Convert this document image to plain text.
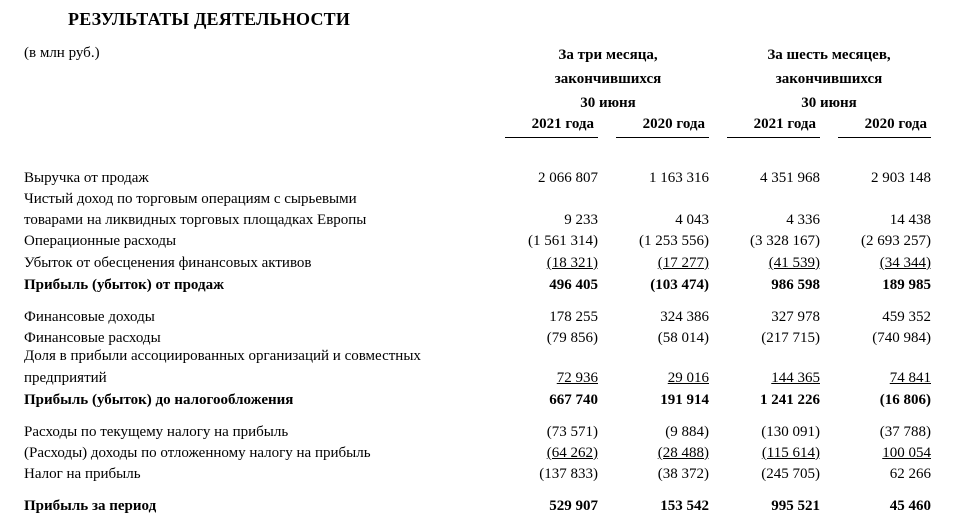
РЕЗУЛЬТАТЫ ДЕЯТЕЛЬНОСТИ
(в млн руб.)	За три месяца,
закончившихся
30 июня
За шесть месяцев,
закончившихся
30 июня
2021 года	2020 года	2021 года	2020 года
Выручка от продаж	2 066 807	1 163 316	4 351 968	2 903 148
Чистый доход по торговым операциям с сырьевыми
товарами на ликвидных торговых площадках Европы	9 233	4 043	4 336	14 438
Операционные расходы	(1 561 314)	(1 253 556)	(3 328 167)	(2 693 257)
Убыток от обесценения финансовых активов	(18 321)	(17 277)	(41 539)	(34 344)
Прибыль (убыток) от продаж	496 405	(103 474)	986 598	189 985
Финансовые доходы	178 255	324 386	327 978	459 352
Финансовые расходы	(79 856)	(58 014)	(217 715)	(740 984)
Доля в прибыли ассоциированных организаций и совместных
предприятий	72 936	29 016	144 365	74 841
Прибыль (убыток) до налогообложения	667 740	191 914	1 241 226	(16 806)
Расходы по текущему налогу на прибыль	(73 571)	(9 884)	(130 091)	(37 788)
(Расходы) доходы по отложенному налогу на прибыль	(64 262)	(28 488)	(115 614)	100 054
Налог на прибыль	(137 833)	(38 372)	(245 705)	62 266
Прибыль за период	529 907	153 542	995 521	45 460
